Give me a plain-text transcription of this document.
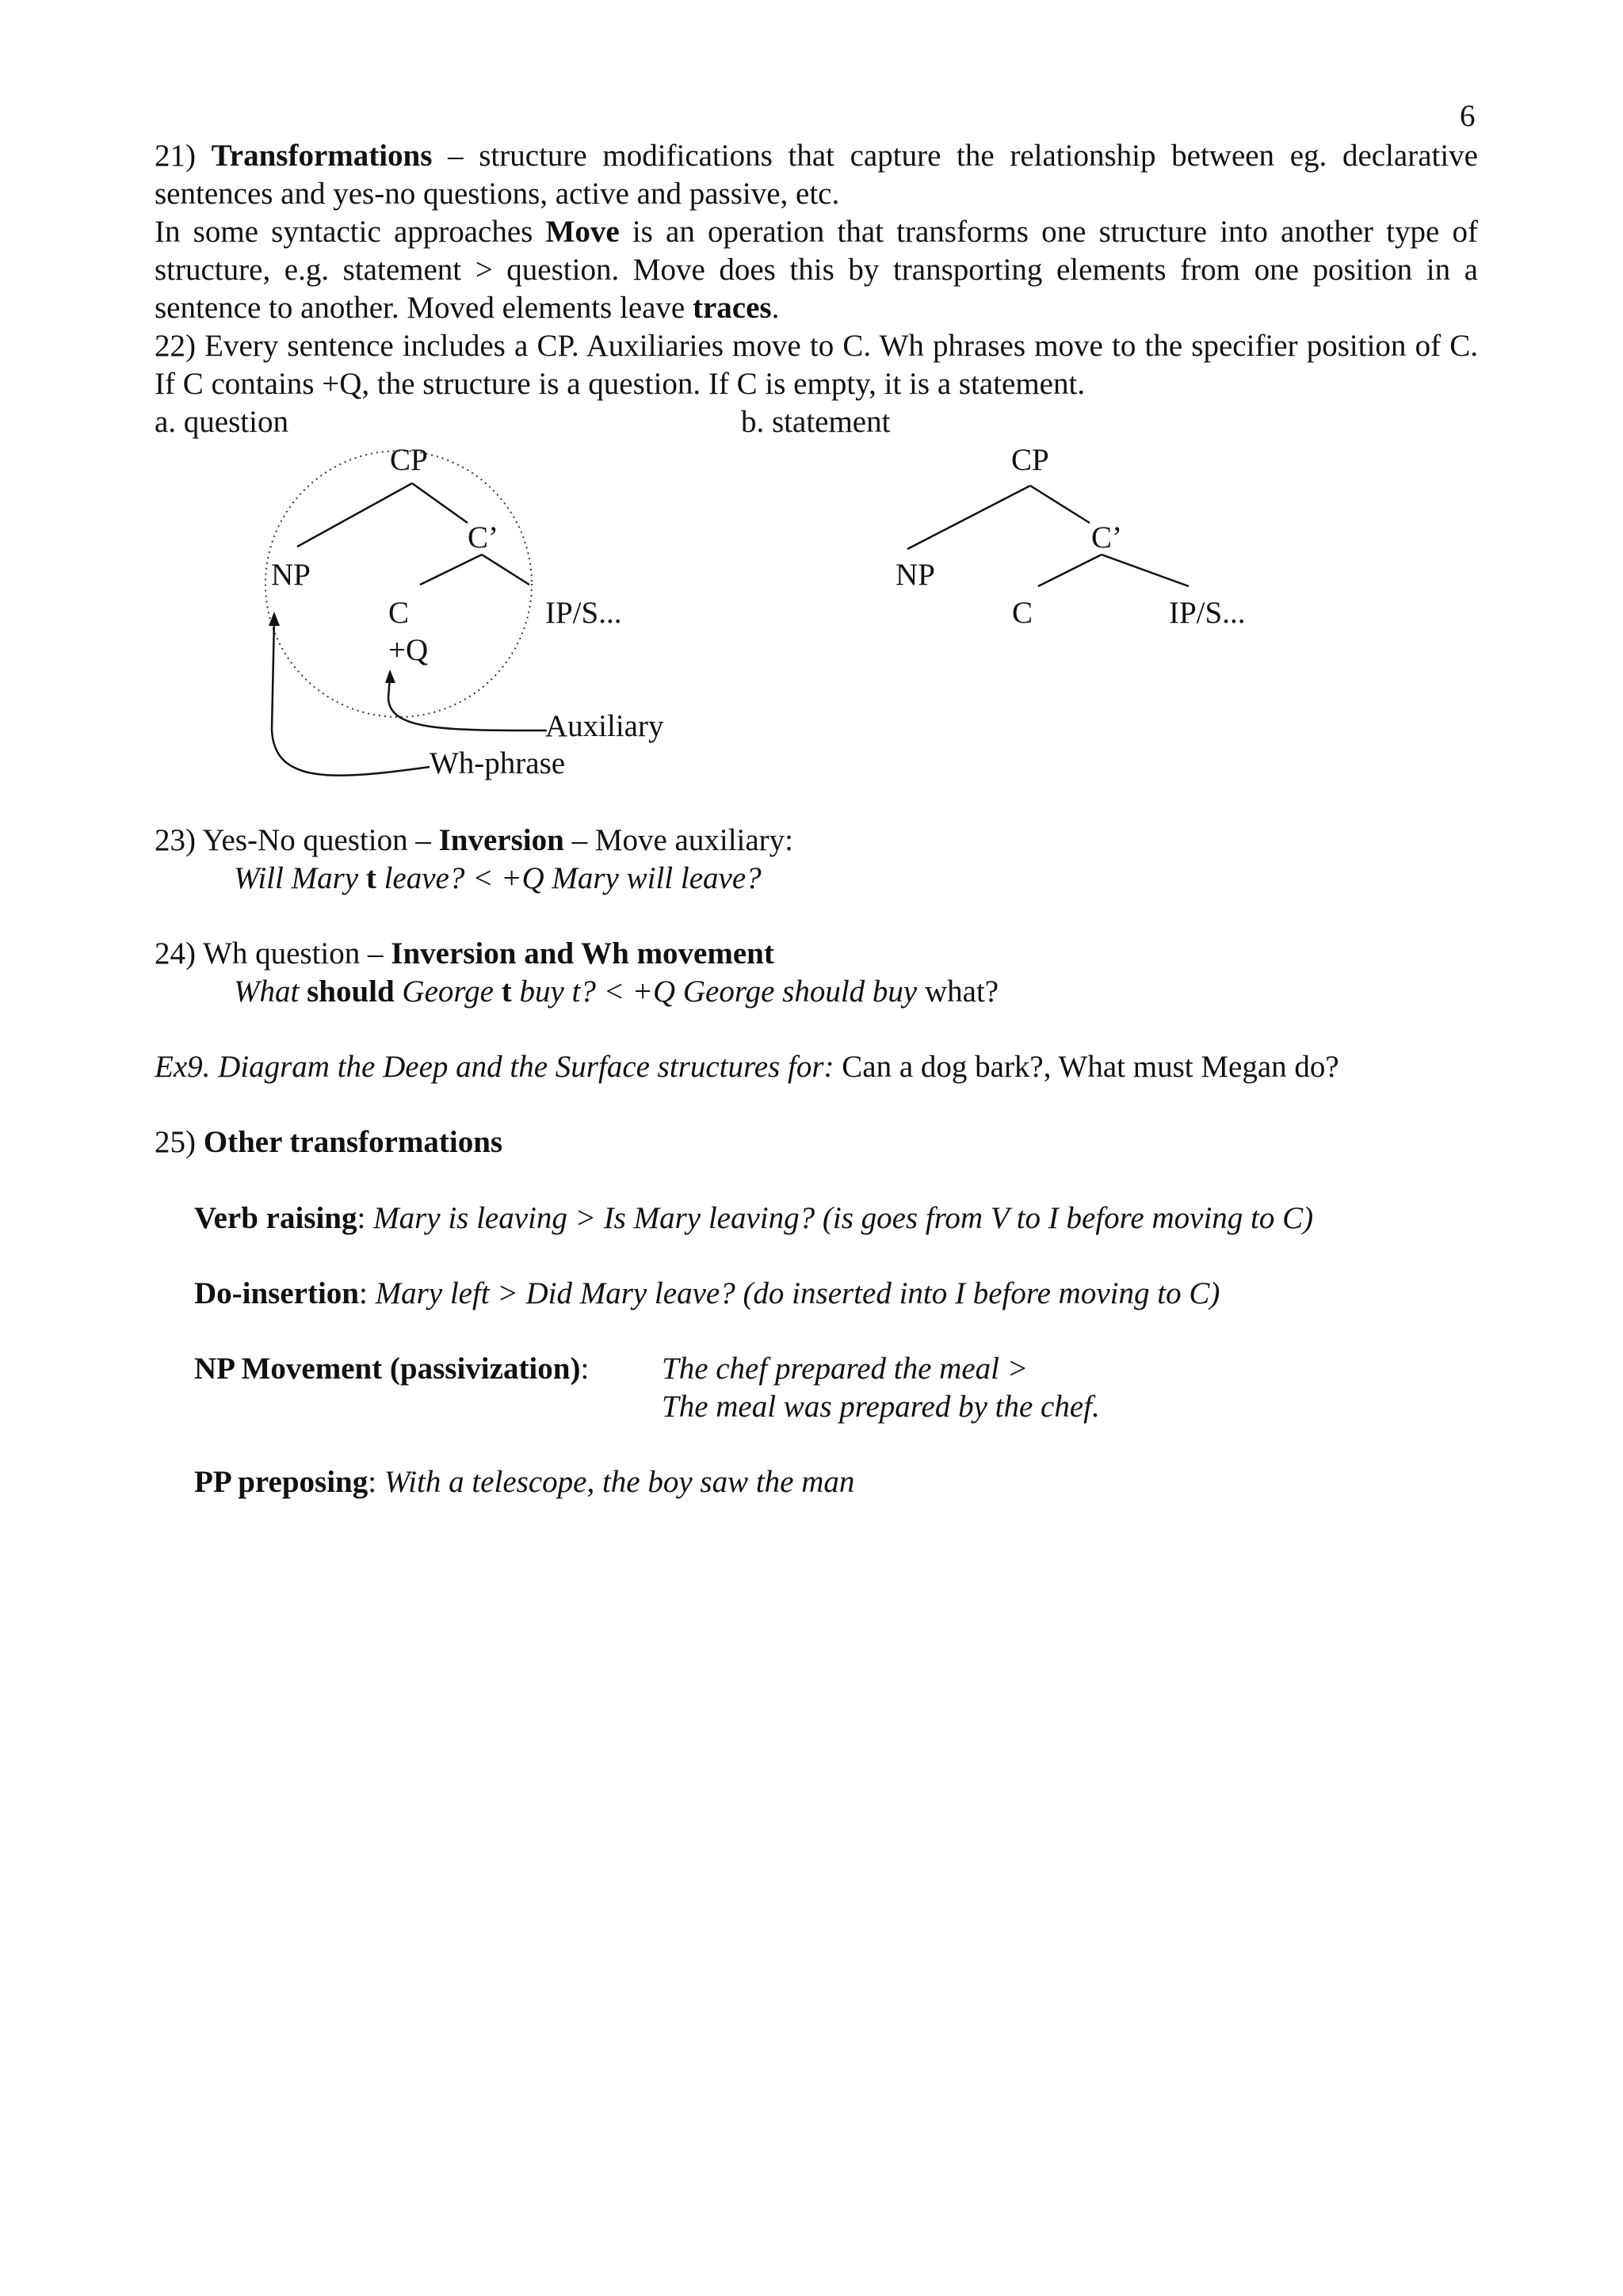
6
21) Transformations – structure modifications that capture the relationship between eg. declarative sentences and yes-no questions, active and passive, etc.
In some syntactic approaches Move is an operation that transforms one structure into another type of structure, e.g. statement > question. Move does this by transporting elements from one position in a sentence to another. Moved elements leave traces.
22) Every sentence includes a CP. Auxiliaries move to C. Wh phrases move to the specifier position of C. If C contains +Q, the structure is a question. If C is empty, it is a statement.
a. question	b. statement
CP
C’
NP
C
+Q
IP/S...
Auxiliary
Wh-phrase
CP
C’
NP
C	IP/S...
23) Yes-No question – Inversion – Move auxiliary:
Will Mary t leave? < +Q Mary will leave?
24) Wh question – Inversion and Wh movement
What should George t buy t? < +Q George should buy what?
Ex9. Diagram the Deep and the Surface structures for: Can a dog bark?, What must Megan do?
25) Other transformations
Verb raising: Mary is leaving > Is Mary leaving? (is goes from V to I before moving to C)
Do-insertion: Mary left > Did Mary leave? (do inserted into I before moving to C)
NP Movement (passivization): The chef prepared the meal >
The meal was prepared by the chef.
PP preposing: With a telescope, the boy saw the man
